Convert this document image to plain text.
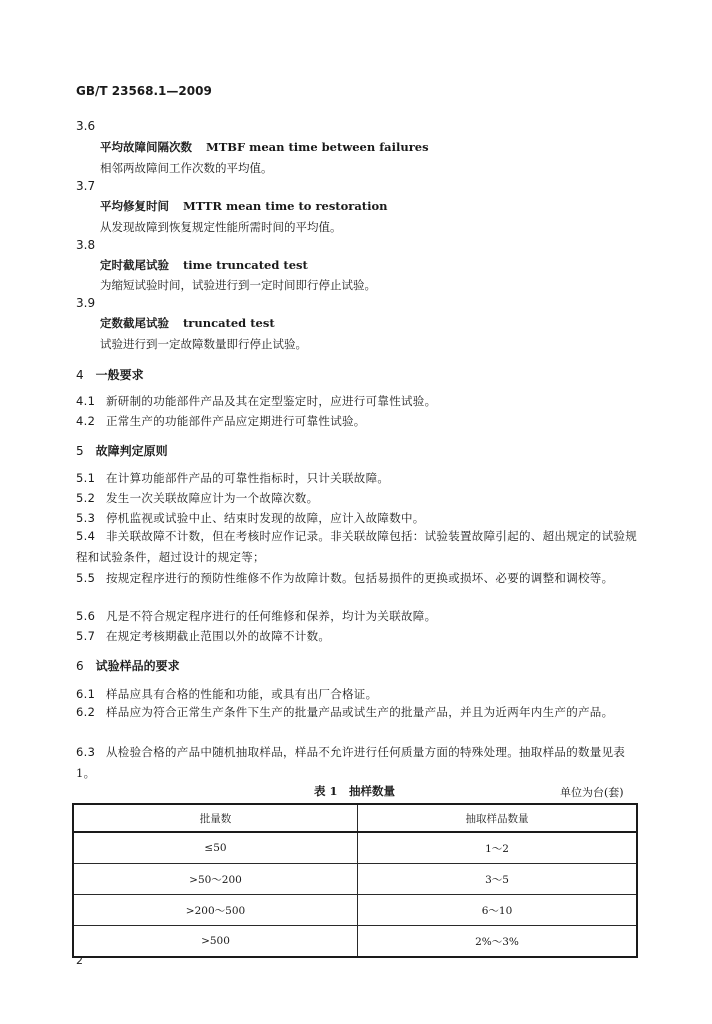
GB/T 23568.1—2009
3.6
平均故障间隔次数 MTBF mean time between failures
相邻两故障间工作次数的平均值。
3.7
平均修复时间 MTTR mean time to restoration
从发现故障到恢复规定性能所需时间的平均值。
3.8
定时截尾试验 time truncated test
为缩短试验时间，试验进行到一定时间即行停止试验。
3.9
定数截尾试验 truncated test
试验进行到一定故障数量即行停止试验。
4 一般要求
4.1 新研制的功能部件产品及其在定型鉴定时，应进行可靠性试验。
4.2 正常生产的功能部件产品应定期进行可靠性试验。
5 故障判定原则
5.1 在计算功能部件产品的可靠性指标时，只计关联故障。
5.2 发生一次关联故障应计为一个故障次数。
5.3 停机监视或试验中止、结束时发现的故障，应计入故障数中。
5.4 非关联故障不计数，但在考核时应作记录。非关联故障包括：试验装置故障引起的、超出规定的试验规程和试验条件，超过设计的规定等；
5.5 按规定程序进行的预防性维修不作为故障计数。包括易损件的更换或损坏、必要的调整和调校等。
5.6 凡是不符合规定程序进行的任何维修和保养，均计为关联故障。
5.7 在规定考核期截止范围以外的故障不计数。
6 试验样品的要求
6.1 样品应具有合格的性能和功能，或具有出厂合格证。
6.2 样品应为符合正常生产条件下生产的批量产品或试生产的批量产品，并且为近两年内生产的产品。
6.3 从检验合格的产品中随机抽取样品，样品不允许进行任何质量方面的特殊处理。抽取样品的数量见表1。
表 1　抽样数量	单位为台(套)
批量数	抽取样品数量
≤50	1～2
>50～200	3～5
>200～500	6～10
>500	2%～3%
2
